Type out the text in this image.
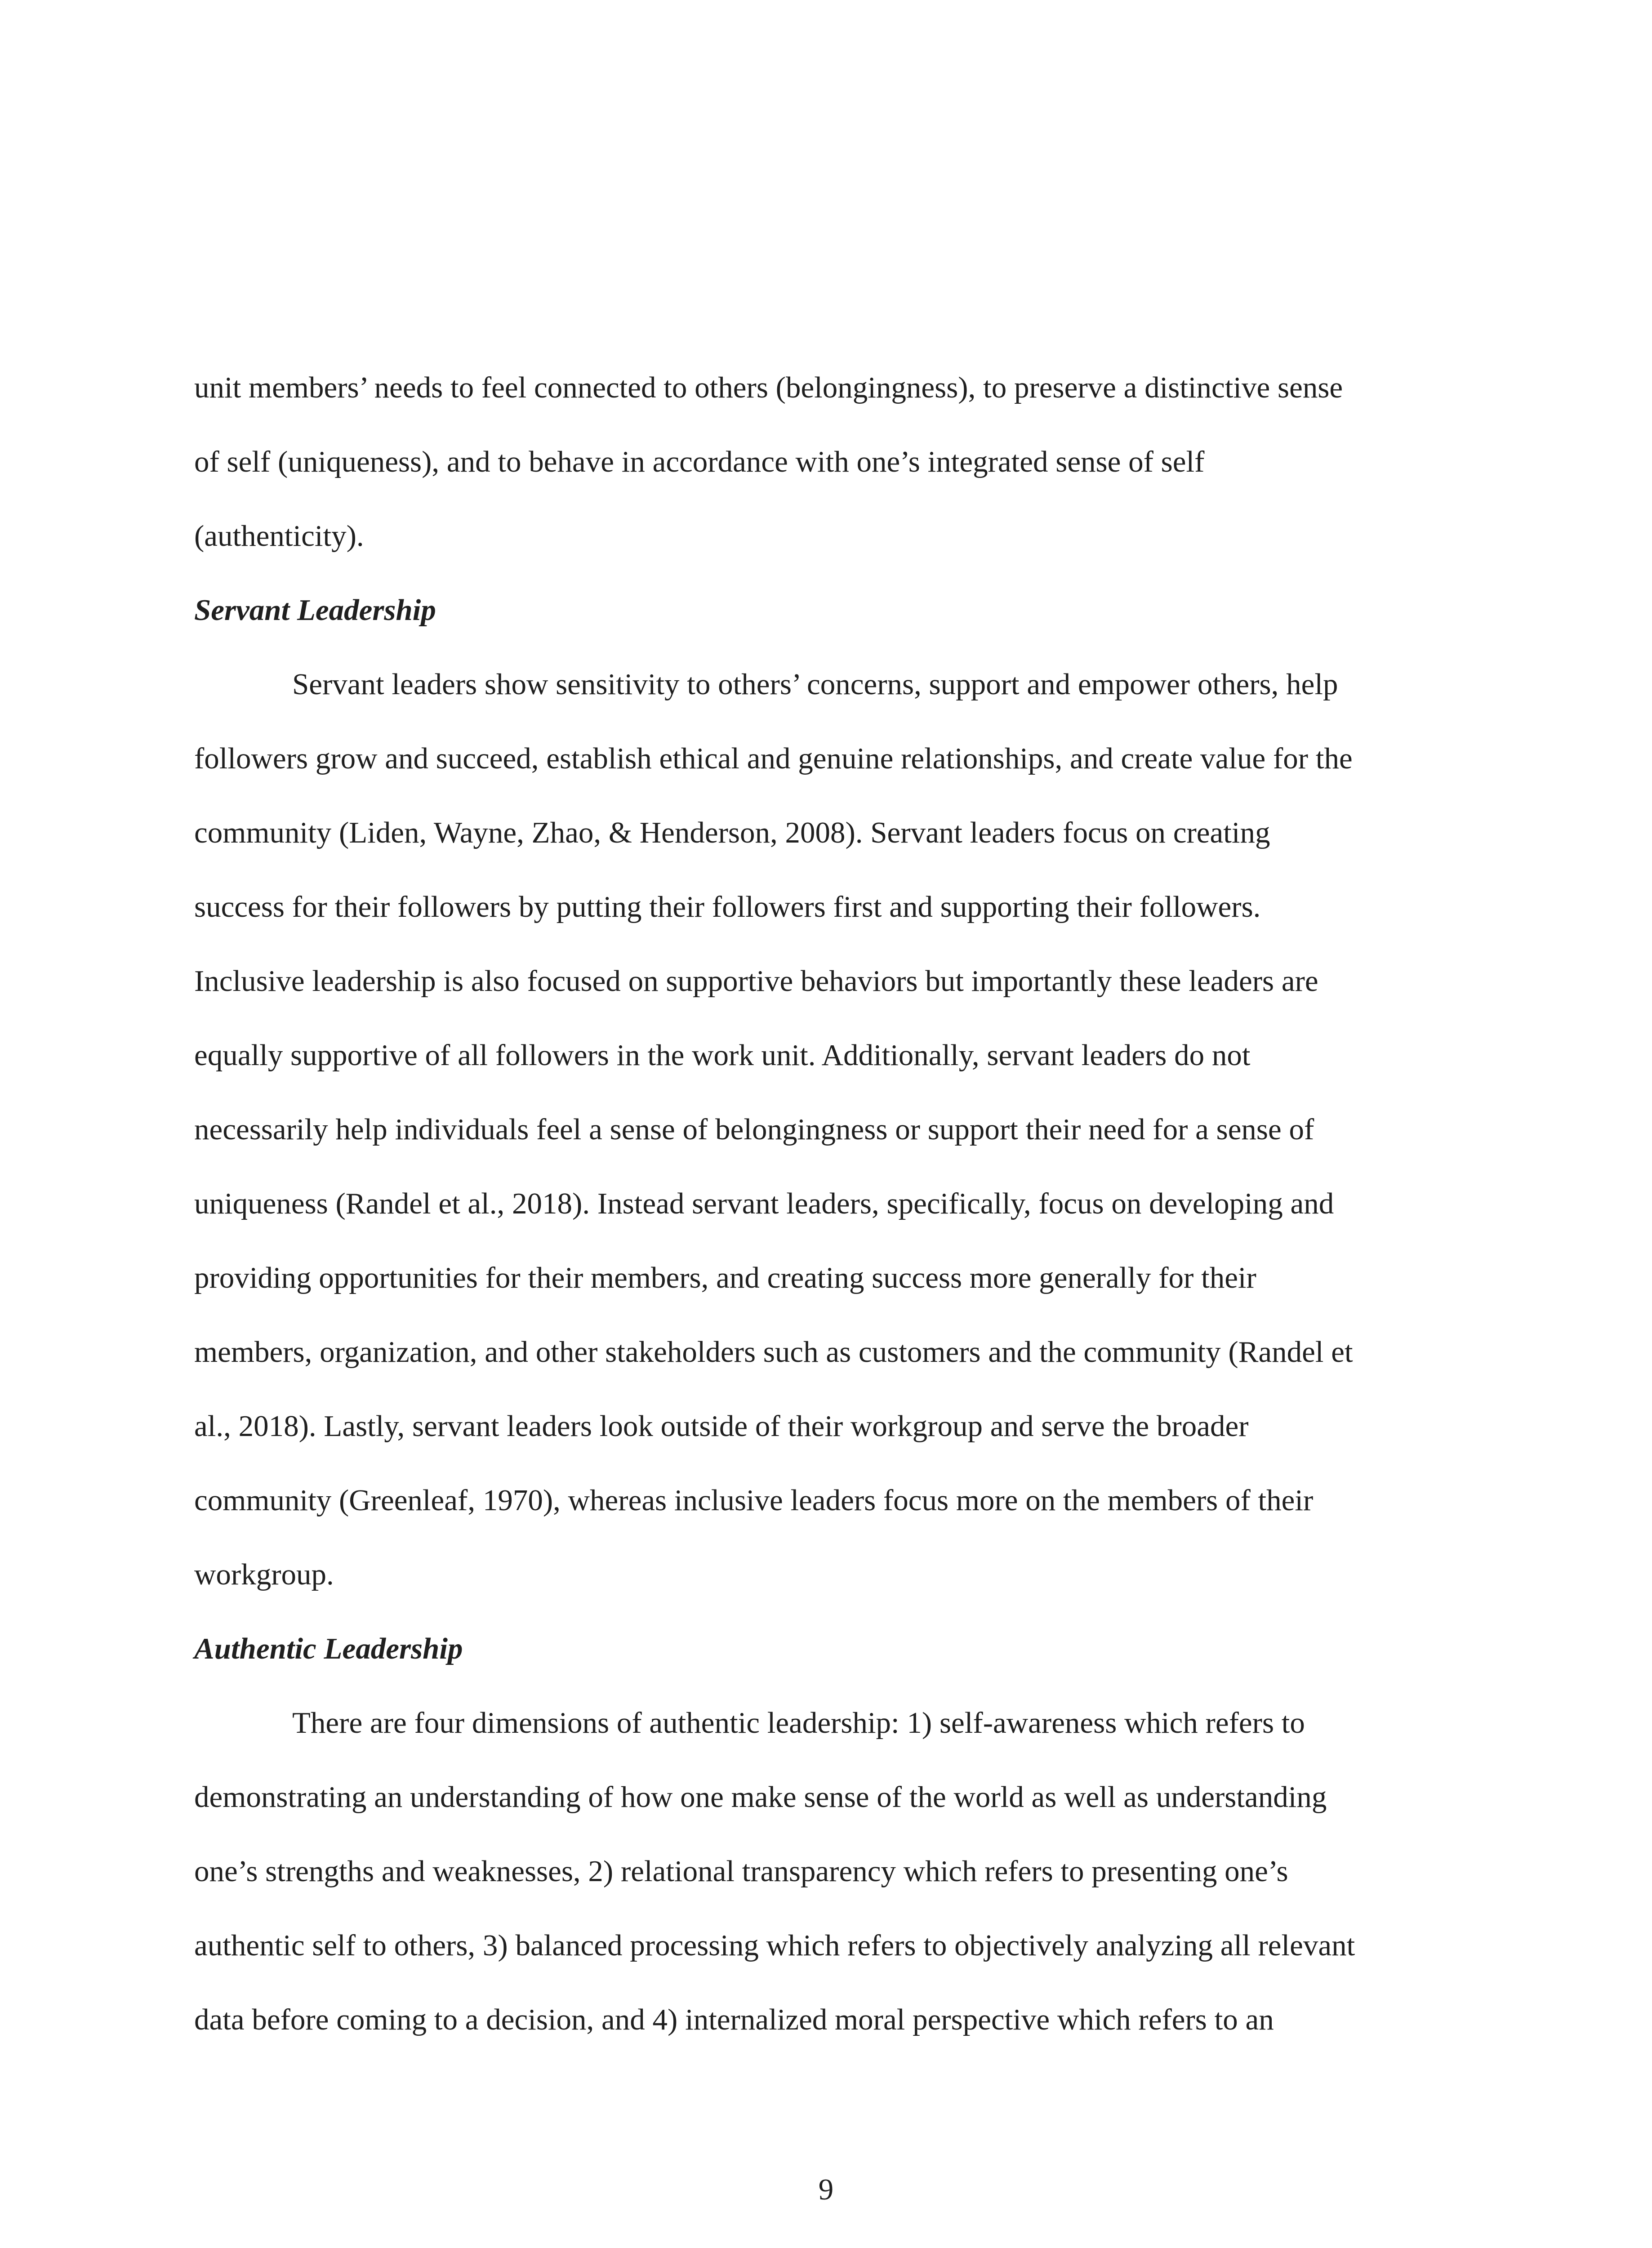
unit members’ needs to feel connected to others (belongingness), to preserve a distinctive sense
of self (uniqueness), and to behave in accordance with one’s integrated sense of self
(authenticity).
Servant Leadership
Servant leaders show sensitivity to others’ concerns, support and empower others, help
followers grow and succeed, establish ethical and genuine relationships, and create value for the
community (Liden, Wayne, Zhao, & Henderson, 2008). Servant leaders focus on creating
success for their followers by putting their followers first and supporting their followers.
Inclusive leadership is also focused on supportive behaviors but importantly these leaders are
equally supportive of all followers in the work unit. Additionally, servant leaders do not
necessarily help individuals feel a sense of belongingness or support their need for a sense of
uniqueness (Randel et al., 2018). Instead servant leaders, specifically, focus on developing and
providing opportunities for their members, and creating success more generally for their
members, organization, and other stakeholders such as customers and the community (Randel et
al., 2018). Lastly, servant leaders look outside of their workgroup and serve the broader
community (Greenleaf, 1970), whereas inclusive leaders focus more on the members of their
workgroup.
Authentic Leadership
There are four dimensions of authentic leadership: 1) self-awareness which refers to
demonstrating an understanding of how one make sense of the world as well as understanding
one’s strengths and weaknesses, 2) relational transparency which refers to presenting one’s
authentic self to others, 3) balanced processing which refers to objectively analyzing all relevant
data before coming to a decision, and 4) internalized moral perspective which refers to an
9
